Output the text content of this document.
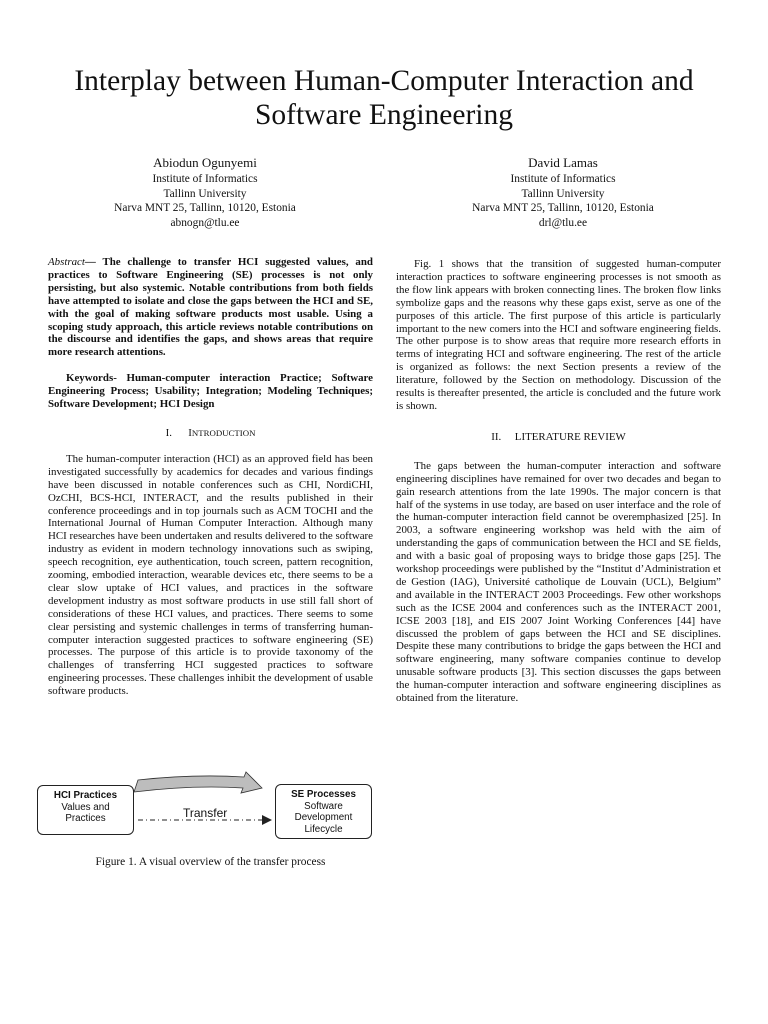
Interplay between Human-Computer Interaction and
Software Engineering
Abiodun Ogunyemi
Institute of Informatics
Tallinn University
Narva MNT 25, Tallinn, 10120, Estonia
abnogn@tlu.ee
David Lamas
Institute of Informatics
Tallinn University
Narva MNT 25, Tallinn, 10120, Estonia
drl@tlu.ee

Abstract— The challenge to transfer HCI suggested values, and practices to Software Engineering (SE) processes is not only persisting, but also systemic. Notable contributions from both fields have attempted to isolate and close the gaps between the HCI and SE, with the goal of making software products most usable. Using a scoping study approach, this article reviews notable contributions on the discourse and identifies the gaps, and shows areas that require more research attentions.

Keywords- Human-computer interaction Practice; Software Engineering Process; Usability; Integration; Modeling Techniques; Software Development; HCI Design

I. INTRODUCTION

The human-computer interaction (HCI) as an approved field has been investigated successfully by academics for decades and various findings have been discussed in notable conferences such as CHI, NordiCHI, OzCHI, BCS-HCI, INTERACT, and the results published in their conference proceedings and in top journals such as ACM TOCHI and the International Journal of Human Computer Interaction. Although many HCI researches have been undertaken and results delivered to the software industry as evident in modern technology innovations such as swiping, speech recognition, eye authentication, touch screen, pattern recognition, zooming, embodied interaction, wearable devices etc, there seems to be a clear slow uptake of HCI values, and practices in the software development industry as most software products in use still fall short of considerations of these HCI values, and practices. There seems to some clear persisting and systemic challenges in terms of transferring human-computer interaction suggested practices to software engineering (SE) processes. The purpose of this article is to provide taxonomy of the challenges of transferring HCI suggested practices to software engineering processes. These challenges inhibit the development of usable software products.

HCI Practices
Values and
Practices
SE Processes
Software
Development
Lifecycle
Transfer
Figure 1. A visual overview of the transfer process

Fig. 1 shows that the transition of suggested human-computer interaction practices to software engineering processes is not smooth as the flow link appears with broken connecting lines. The broken flow links symbolize gaps and the reasons why these gaps exist, serve as one of the purposes of this article. The first purpose of this article is particularly important to the new comers into the HCI and software engineering fields. The other purpose is to show areas that require more research efforts in terms of integrating HCI and software engineering. The rest of the article is organized as follows: the next Section presents a review of the literature, followed by the Section on methodology. Discussion of the results is thereafter presented, the article is concluded and the future work is shown.

II. LITERATURE REVIEW

The gaps between the human-computer interaction and software engineering disciplines have remained for over two decades and began to gain research attentions from the late 1990s. The major concern is that half of the systems in use today, are based on user interface and the role of the human-computer interaction field cannot be overemphasized [25]. In 2003, a software engineering workshop was held with the aim of understanding the gaps of communication between the HCI and SE fields, and with a basic goal of proposing ways to bridge those gaps [25]. The workshop proceedings were published by the “Institut d’Administration et de Gestion (IAG), Université catholique de Louvain (UCL), Belgium” and available in the INTERACT 2003 Proceedings. Few other workshops such as the ICSE 2004 and conferences such as the INTERACT 2001, ICSE 2003 [18], and EIS 2007 Joint Working Conferences [44] have discussed the problem of gaps between the HCI and SE disciplines. Despite these many contributions to bridge the gaps between the HCI and software engineering, many software companies continue to develop unusable software products [3]. This section discusses the gaps between the human-computer interaction and software engineering disciplines as obtained from the literature.
